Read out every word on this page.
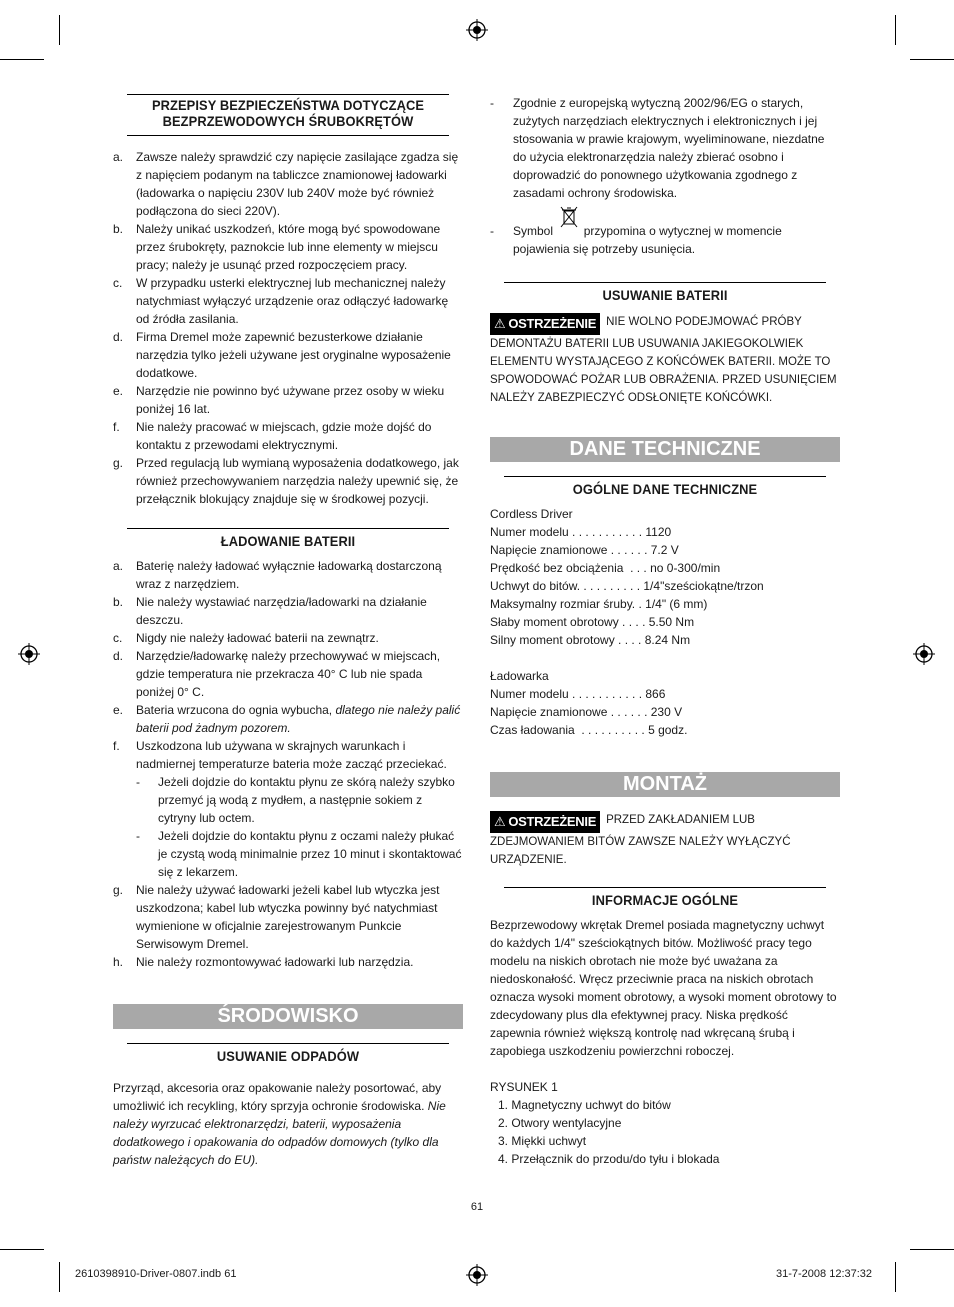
PRZEPISY BEZPIECZEŃSTWA DOTYCZĄCE
BEZPRZEWODOWYCH ŚRUBOKRĘTÓW
a. Zawsze należy sprawdzić czy napięcie zasilające zgadza się z napięciem podanym na tabliczce znamionowej ładowarki (ładowarka o napięciu 230V lub 240V może być również podłączona do sieci 220V).
b. Należy unikać uszkodzeń, które mogą być spowodowane przez śrubokręty, paznokcie lub inne elementy w miejscu pracy; należy je usunąć przed rozpoczęciem pracy.
c. W przypadku usterki elektrycznej lub mechanicznej należy natychmiast wyłączyć urządzenie oraz odłączyć ładowarkę od źródła zasilania.
d. Firma Dremel może zapewnić bezusterkowe działanie narzędzia tylko jeżeli używane jest oryginalne wyposażenie dodatkowe.
e. Narzędzie nie powinno być używane przez osoby w wieku poniżej 16 lat.
f. Nie należy pracować w miejscach, gdzie może dojść do kontaktu z przewodami elektrycznymi.
g. Przed regulacją lub wymianą wyposażenia dodatkowego, jak również przechowywaniem narzędzia należy upewnić się, że przełącznik blokujący znajduje się w środkowej pozycji.
ŁADOWANIE BATERII
a. Baterię należy ładować wyłącznie ładowarką dostarczoną wraz z narzędziem.
b. Nie należy wystawiać narzędzia/ładowarki na działanie deszczu.
c. Nigdy nie należy ładować baterii na zewnątrz.
d. Narzędzie/ładowarkę należy przechowywać w miejscach, gdzie temperatura nie przekracza 40° C lub nie spada poniżej 0° C.
e. Bateria wrzucona do ognia wybucha, dlatego nie należy palić baterii pod żadnym pozorem.
f. Uszkodzona lub używana w skrajnych warunkach i nadmiernej temperaturze bateria może zacząć przeciekać.
- Jeżeli dojdzie do kontaktu płynu ze skórą należy szybko przemyć ją wodą z mydłem, a następnie sokiem z cytryny lub octem.
- Jeżeli dojdzie do kontaktu płynu z oczami należy płukać je czystą wodą minimalnie przez 10 minut i skontaktować się z lekarzem.
g. Nie należy używać ładowarki jeżeli kabel lub wtyczka jest uszkodzona; kabel lub wtyczka powinny być natychmiast wymienione w oficjalnie zarejestrowanym Punkcie Serwisowym Dremel.
h. Nie należy rozmontowywać ładowarki lub narzędzia.
ŚRODOWISKO
USUWANIE ODPADÓW
Przyrząd, akcesoria oraz opakowanie należy posortować, aby umożliwić ich recykling, który sprzyja ochronie środowiska. Nie należy wyrzucać elektronarzędzi, baterii, wyposażenia dodatkowego i opakowania do odpadów domowych (tylko dla państw należących do EU).
- Zgodnie z europejską wytyczną 2002/96/EG o starych, zużytych narzędziach elektrycznych i elektronicznych i jej stosowania w prawie krajowym, wyeliminowane, niezdatne do użycia elektronarzędzia należy zbierać osobno i doprowadzić do ponownego użytkowania zgodnego z zasadami ochrony środowiska.
- Symbol	przypomina o wytycznej w momencie pojawienia się potrzeby usunięcia.
USUWANIE BATERII
⚠ OSTRZEŻENIE NIE WOLNO PODEJMOWAĆ PRÓBY DEMONTAŻU BATERII LUB USUWANIA JAKIEGOKOLWIEK ELEMENTU WYSTAJĄCEGO Z KOŃCÓWEK BATERII. MOŻE TO SPOWODOWAĆ POŻAR LUB OBRAŻENIA. PRZED USUNIĘCIEM NALEŻY ZABEZPIECZYĆ ODSŁONIĘTE KOŃCÓWKI.
DANE TECHNICZNE
OGÓLNE DANE TECHNICZNE
Cordless Driver
Numer modelu . . . . . . . . . . . 1120
Napięcie znamionowe . . . . . . 7.2 V
Prędkość bez obciążenia  . . . no 0-300/min
Uchwyt do bitów. . . . . . . . . . 1/4"sześciokątne/trzon
Maksymalny rozmiar śruby. . 1/4" (6 mm)
Słaby moment obrotowy . . . . 5.50 Nm
Silny moment obrotowy . . . . 8.24 Nm
Ładowarka
Numer modelu . . . . . . . . . . . 866
Napięcie znamionowe . . . . . . 230 V
Czas ładowania  . . . . . . . . . . 5 godz.
MONTAŻ
⚠ OSTRZEŻENIE PRZED ZAKŁADANIEM LUB ZDEJMOWANIEM BITÓW ZAWSZE NALEŻY WYŁĄCZYĆ URZĄDZENIE.
INFORMACJE OGÓLNE
Bezprzewodowy wkrętak Dremel posiada magnetyczny uchwyt do każdych 1/4" sześciokątnych bitów. Możliwość pracy tego modelu na niskich obrotach nie może być uważana za niedoskonałość. Wręcz przeciwnie praca na niskich obrotach oznacza wysoki moment obrotowy, a wysoki moment obrotowy to zdecydowany plus dla efektywnej pracy. Niska prędkość zapewnia również większą kontrolę nad wkręcaną śrubą i zapobiega uszkodzeniu powierzchni roboczej.
RYSUNEK 1
1. Magnetyczny uchwyt do bitów
2. Otwory wentylacyjne
3. Miękki uchwyt
4. Przełącznik do przodu/do tyłu i blokada
61
2610398910-Driver-0807.indb 61	31-7-2008 12:37:32
